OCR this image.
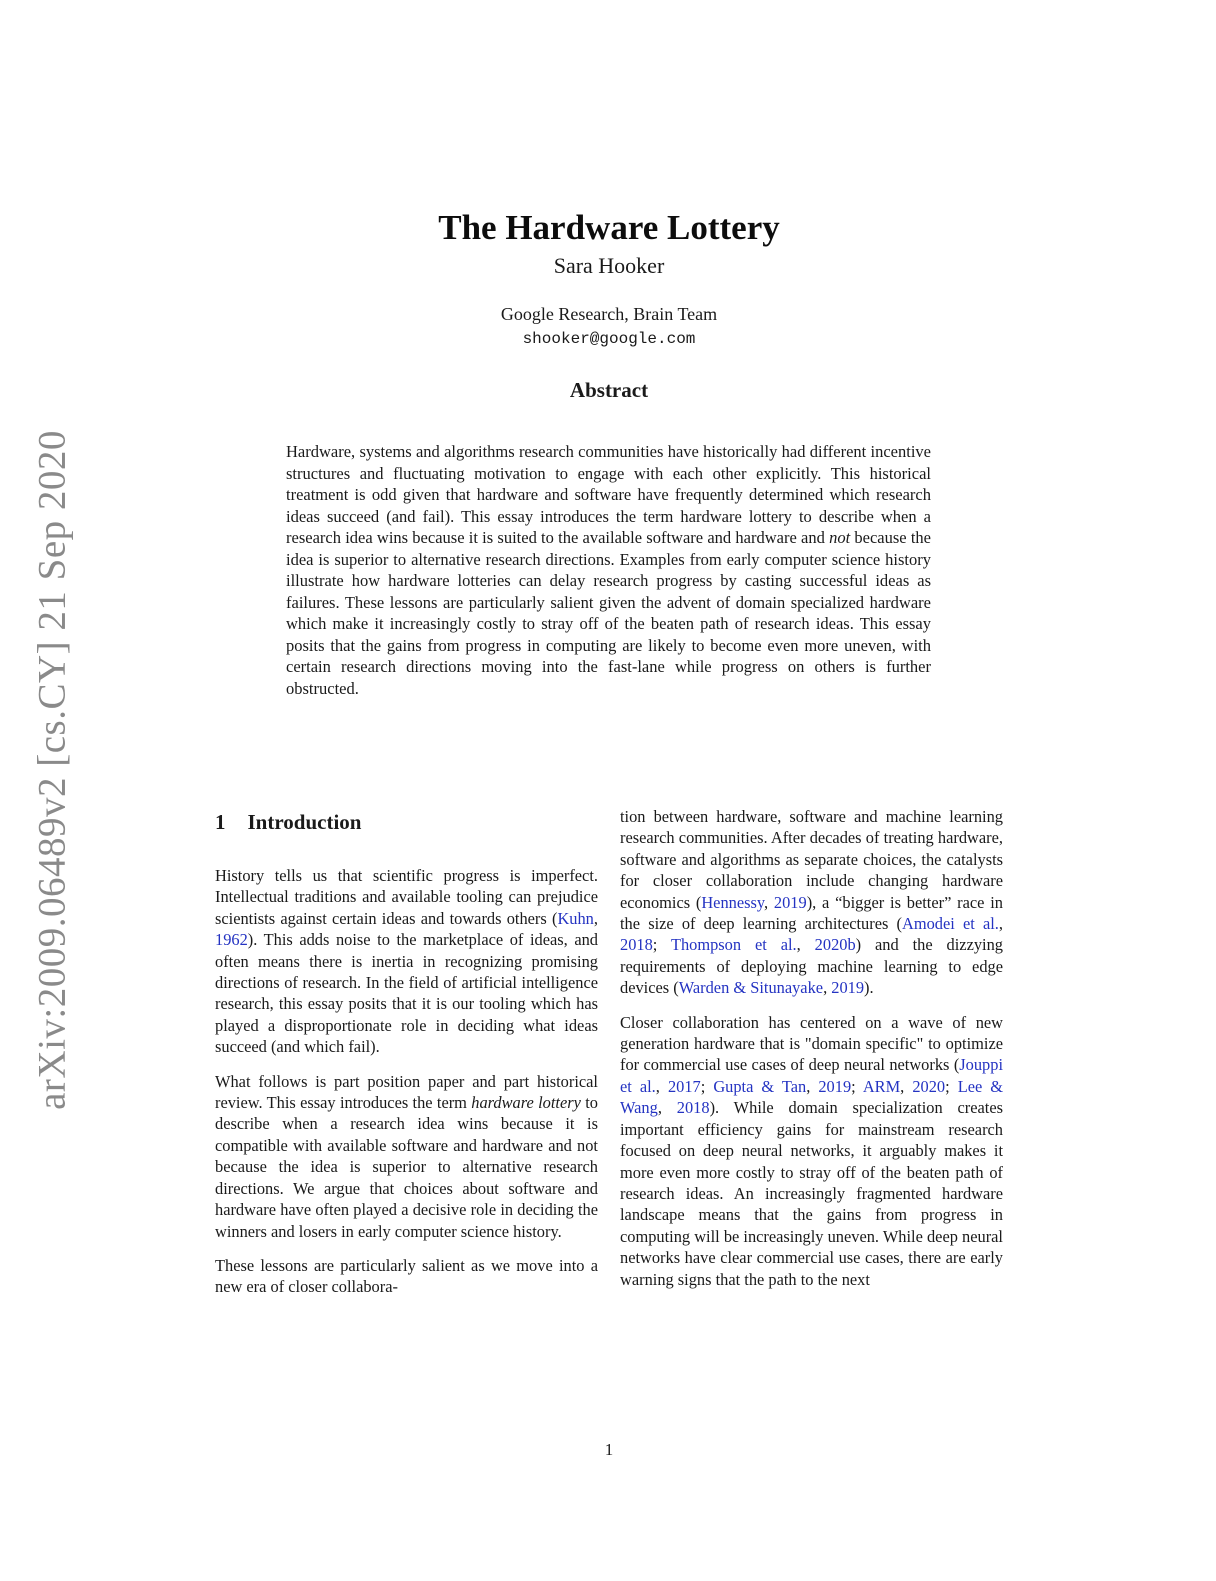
arXiv:2009.06489v2 [cs.CY] 21 Sep 2020
The Hardware Lottery
Sara Hooker
Google Research, Brain Team
shooker@google.com
Abstract
Hardware, systems and algorithms research communities have historically had different incentive structures and fluctuating motivation to engage with each other explicitly. This historical treatment is odd given that hardware and software have frequently determined which research ideas succeed (and fail). This essay introduces the term hardware lottery to describe when a research idea wins because it is suited to the available software and hardware and not because the idea is superior to alternative research directions. Examples from early computer science history illustrate how hardware lotteries can delay research progress by casting successful ideas as failures. These lessons are particularly salient given the advent of domain specialized hardware which make it increasingly costly to stray off of the beaten path of research ideas. This essay posits that the gains from progress in computing are likely to become even more uneven, with certain research directions moving into the fast-lane while progress on others is further obstructed.
1 Introduction

History tells us that scientific progress is imperfect. Intellectual traditions and available tooling can prejudice scientists against certain ideas and towards others (Kuhn, 1962). This adds noise to the marketplace of ideas, and often means there is inertia in recognizing promising directions of research. In the field of artificial intelligence research, this essay posits that it is our tooling which has played a disproportionate role in deciding what ideas succeed (and which fail).

What follows is part position paper and part historical review. This essay introduces the term hardware lottery to describe when a research idea wins because it is compatible with available software and hardware and not because the idea is superior to alternative research directions. We argue that choices about software and hardware have often played a decisive role in deciding the winners and losers in early computer science history.

These lessons are particularly salient as we move into a new era of closer collabora-

tion between hardware, software and machine learning research communities. After decades of treating hardware, software and algorithms as separate choices, the catalysts for closer collaboration include changing hardware economics (Hennessy, 2019), a “bigger is better” race in the size of deep learning architectures (Amodei et al., 2018; Thompson et al., 2020b) and the dizzying requirements of deploying machine learning to edge devices (Warden & Situnayake, 2019).

Closer collaboration has centered on a wave of new generation hardware that is "domain specific" to optimize for commercial use cases of deep neural networks (Jouppi et al., 2017; Gupta & Tan, 2019; ARM, 2020; Lee & Wang, 2018). While domain specialization creates important efficiency gains for mainstream research focused on deep neural networks, it arguably makes it more even more costly to stray off of the beaten path of research ideas. An increasingly fragmented hardware landscape means that the gains from progress in computing will be increasingly uneven. While deep neural networks have clear commercial use cases, there are early warning signs that the path to the next

1
